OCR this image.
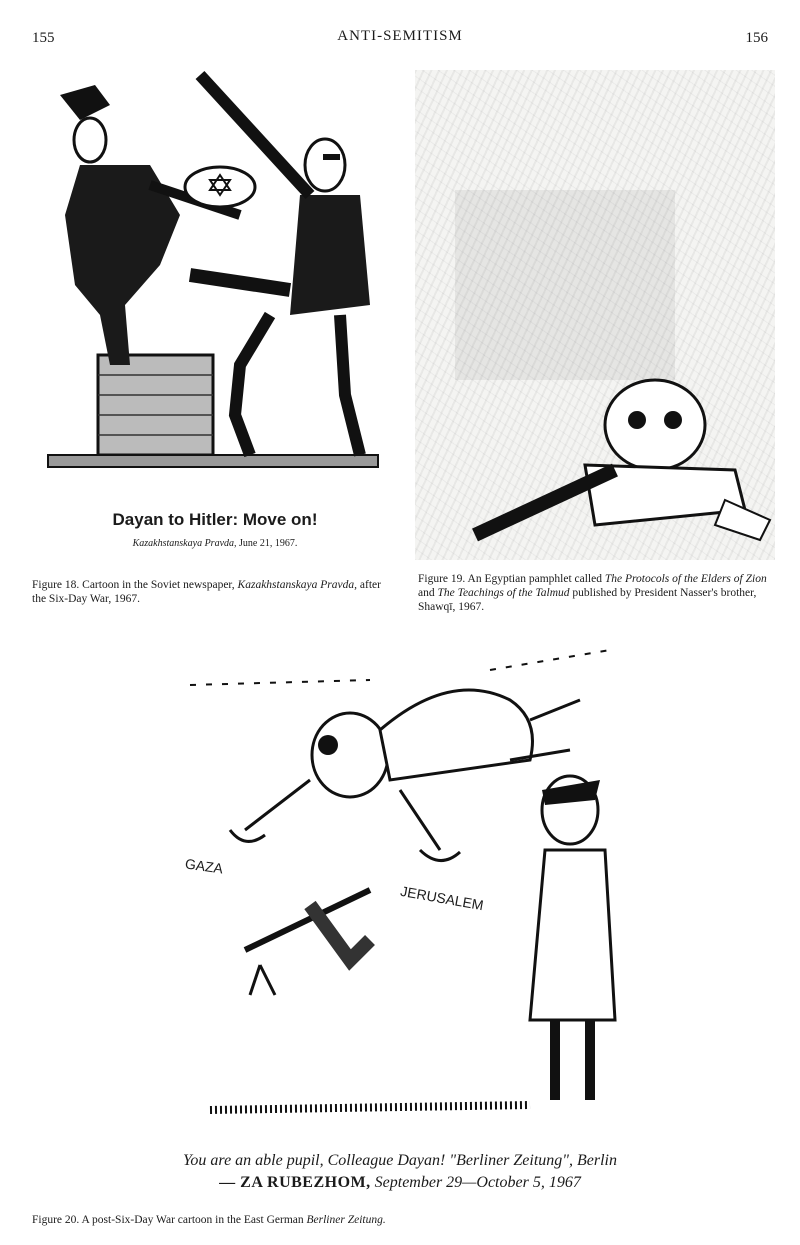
155	ANTI-SEMITISM	156
Dayan to Hitler: Move on!
Kazakhstanskaya Pravda, June 21, 1967.
Figure 18. Cartoon in the Soviet newspaper, Kazakhstanskaya Pravda, after the Six-Day War, 1967.
Figure 19. An Egyptian pamphlet called The Protocols of the Elders of Zion and The Teachings of the Talmud published by President Nasser's brother, Shawqī, 1967.
GAZA
JERUSALEM
You are an able pupil, Colleague Dayan! "Berliner Zeitung", Berlin
— ZA RUBEZHOM, September 29—October 5, 1967
Figure 20. A post-Six-Day War cartoon in the East German Berliner Zeitung.
